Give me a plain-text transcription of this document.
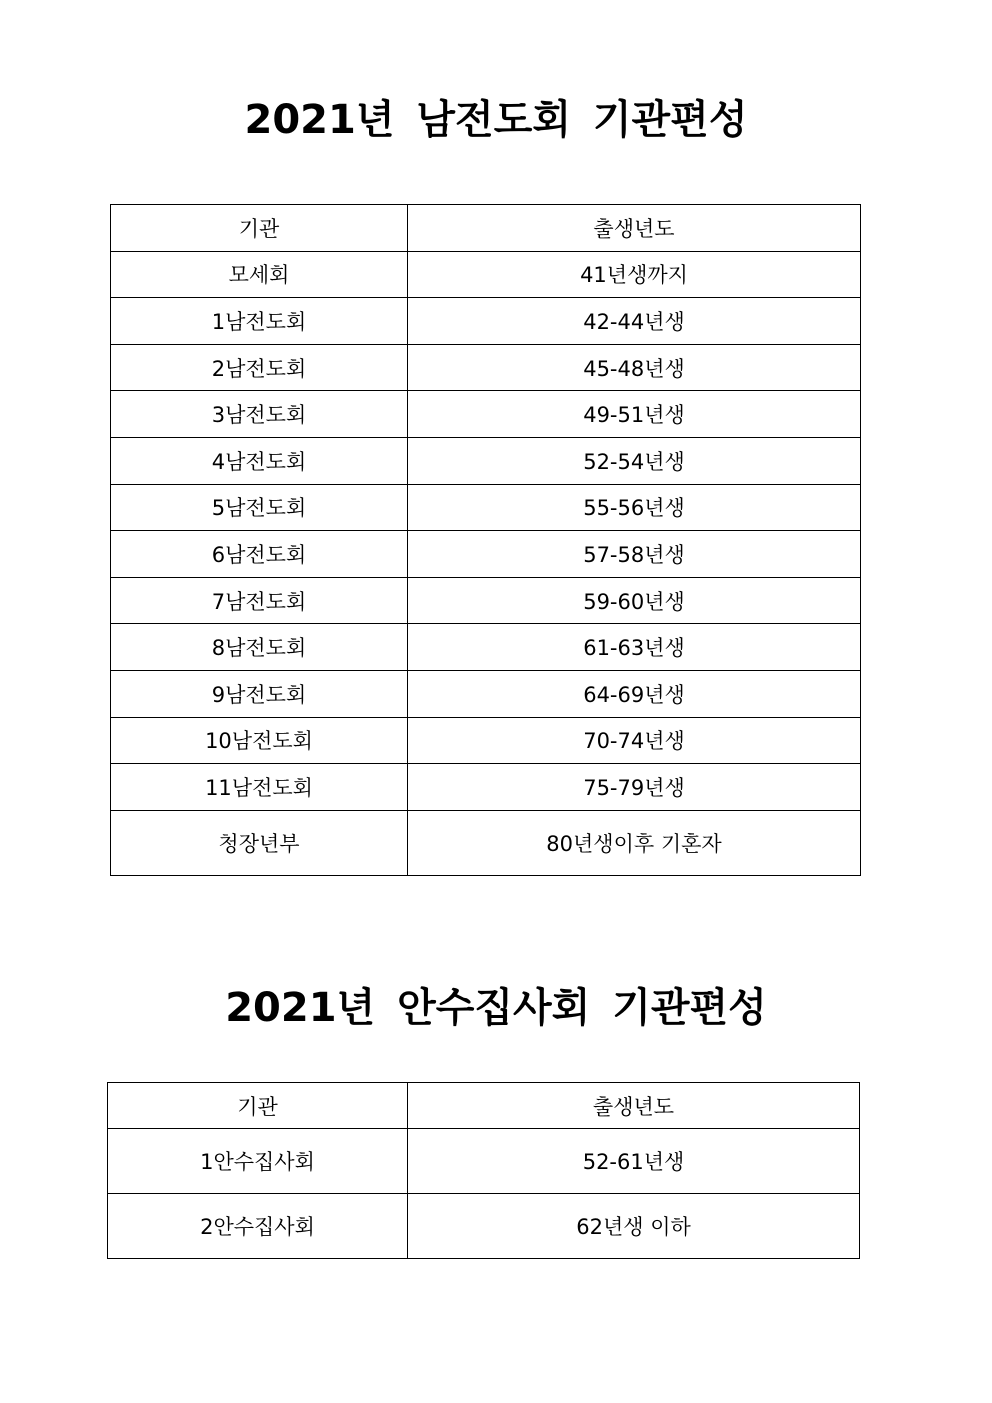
2021년 남전도회 기관편성
기관	출생년도
모세회	41년생까지
1남전도회	42-44년생
2남전도회	45-48년생
3남전도회	49-51년생
4남전도회	52-54년생
5남전도회	55-56년생
6남전도회	57-58년생
7남전도회	59-60년생
8남전도회	61-63년생
9남전도회	64-69년생
10남전도회	70-74년생
11남전도회	75-79년생
청장년부	80년생이후 기혼자
2021년 안수집사회 기관편성
기관	출생년도
1안수집사회	52-61년생
2안수집사회	62년생 이하
